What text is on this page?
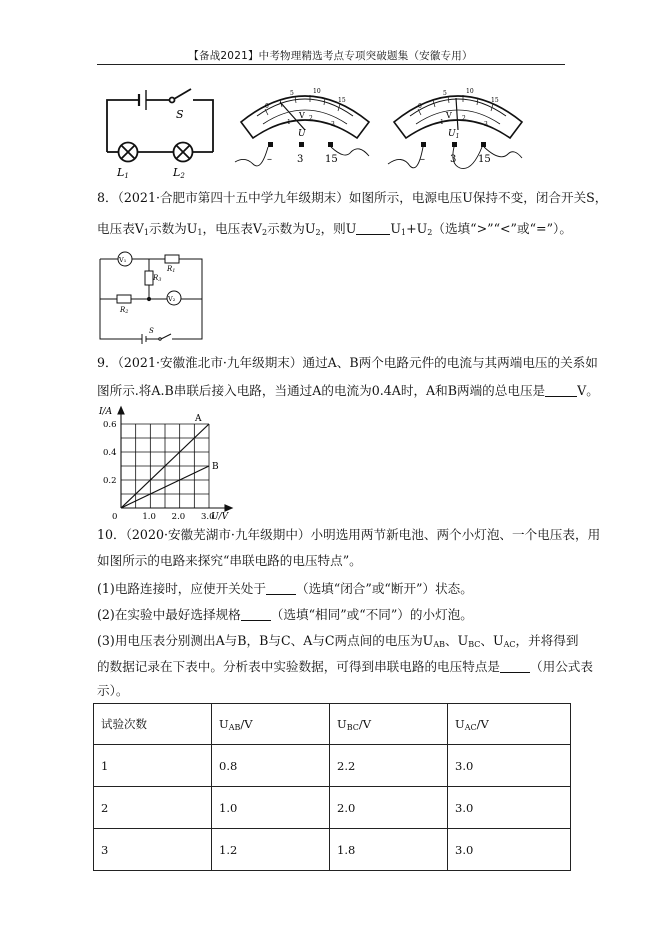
【备战2021】中考物理精选考点专项突破题集（安徽专用）
S
L1	L2
0
5	10
15
1
2
3
V
U
–	3 15
0
5	10
15
1
2
3
V
$U_1$
–	3 15
8．（2021·合肥市第四十五中学九年级期末）如图所示，电源电压U保持不变，闭合开关S，
电压表$V_1$示数为$U_1$，电压表$V_2$示数为$U_2$，则U	$U_1+U_2$（选填“>”“<”或“=”）。
V₁
V₂
R1
R3
R2
S
9．（2021·安徽淮北市·九年级期末）通过A、B两个电路元件的电流与其两端电压的关系如
图所示.将A.B串联后接入电路，当通过A的电流为0.4A时，A和B两端的总电压是	V。
0.6
0.4
0.2
0	1.0 2.0 3.0
I/A
U/V
A
B
10．（2020·安徽芜湖市·九年级期中）小明选用两节新电池、两个小灯泡、一个电压表，用
如图所示的电路来探究“串联电路的电压特点”。
(1)电路连接时，应使开关处于 （选填“闭合”或“断开”）状态。
(2)在实验中最好选择规格 （选填“相同”或“不同”）的小灯泡。
(3)用电压表分别测出A与B，B与C、A与C两点间的电压为$U_{AB}$、$U_{BC}$、$U_{AC}$，并将得到
的数据记录在下表中。分析表中实验数据，可得到串联电路的电压特点是 （用公式表
示）。
试验次数	$U_{AB}/V$	$U_{BC}/V$	$U_{AC}/V$
1	0.8	2.2	3.0
2	1.0	2.0	3.0
3	1.2	1.8	3.0
